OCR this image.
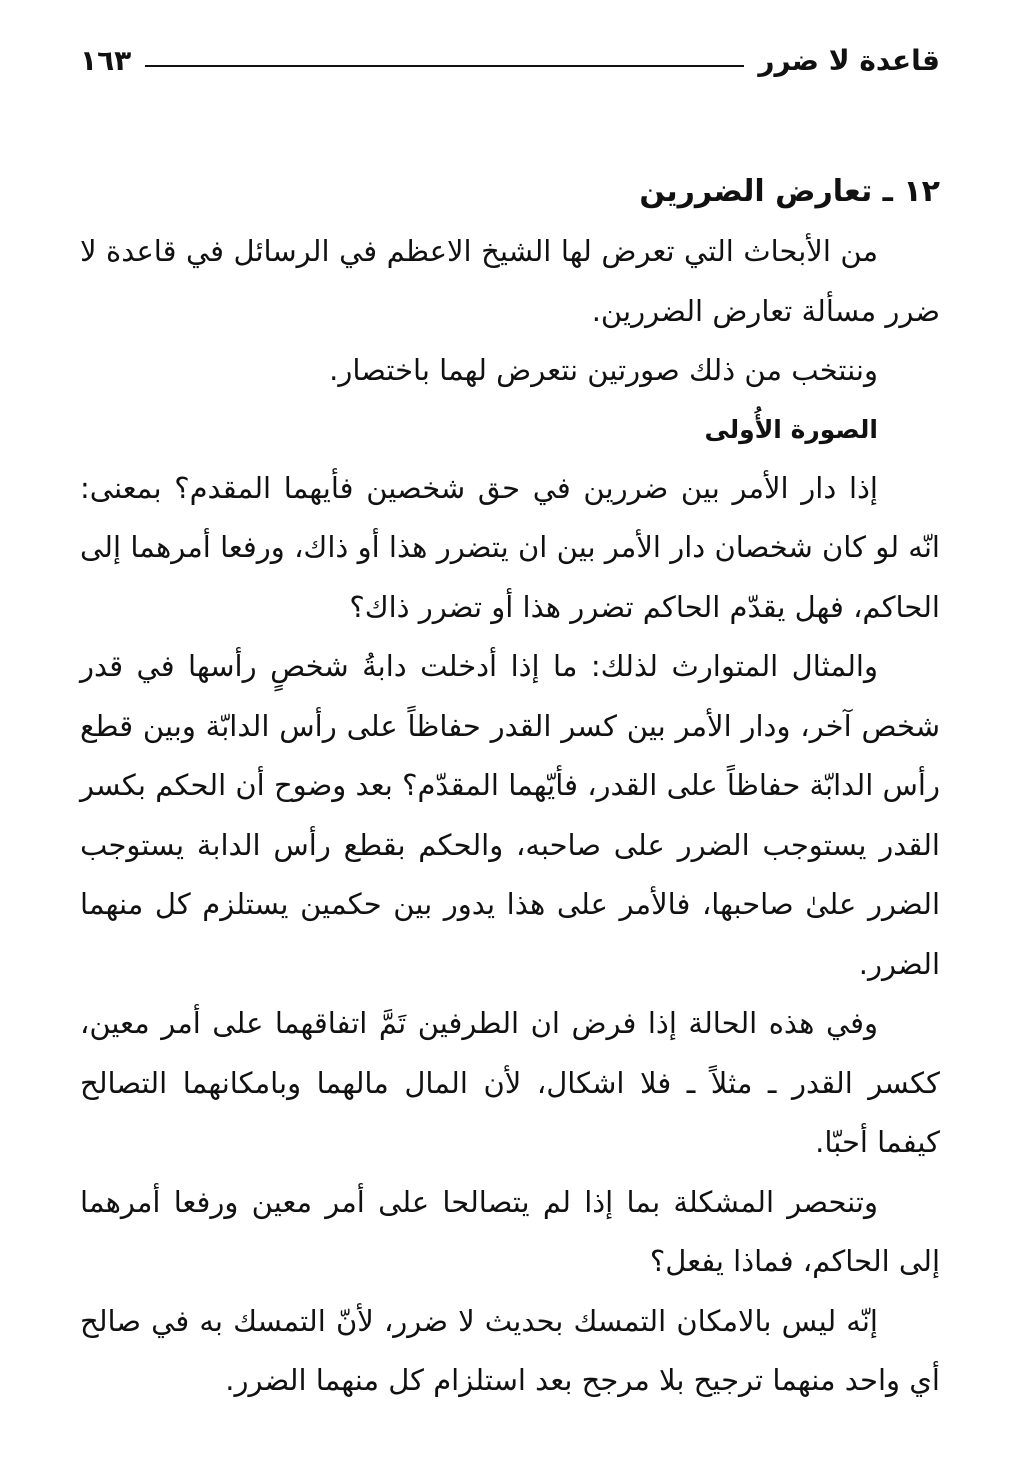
قاعدة لا ضرر
١٦٣

١٢ ـ تعارض الضررين

من الأبحاث التي تعرض لها الشيخ الاعظم في الرسائل في قاعدة لا ضرر مسألة تعارض الضررين.

وننتخب من ذلك صورتين نتعرض لهما باختصار.

الصورة الأُولى

إذا دار الأمر بين ضررين في حق شخصين فأيهما المقدم؟ بمعنى: انّه لو كان شخصان دار الأمر بين ان يتضرر هذا أو ذاك، ورفعا أمرهما إلى الحاكم، فهل يقدّم الحاكم تضرر هذا أو تضرر ذاك؟

والمثال المتوارث لذلك: ما إذا أدخلت دابةُ شخصٍ رأسها في قدر شخص آخر، ودار الأمر بين كسر القدر حفاظاً على رأس الدابّة وبين قطع رأس الدابّة حفاظاً على القدر، فأيّهما المقدّم؟ بعد وضوح أن الحكم بكسر القدر يستوجب الضرر على صاحبه، والحكم بقطع رأس الدابة يستوجب الضرر علىٰ صاحبها، فالأمر على هذا يدور بين حكمين يستلزم كل منهما الضرر.

وفي هذه الحالة إذا فرض ان الطرفين تَمَّ اتفاقهما على أمر معين، ككسر القدر ـ مثلاً ـ فلا اشكال، لأن المال مالهما وبامكانهما التصالح كيفما أحبّا.

وتنحصر المشكلة بما إذا لم يتصالحا على أمر معين ورفعا أمرهما إلى الحاكم، فماذا يفعل؟

إنّه ليس بالامكان التمسك بحديث لا ضرر، لأنّ التمسك به في صالح أي واحد منهما ترجيح بلا مرجح بعد استلزام كل منهما الضرر.
